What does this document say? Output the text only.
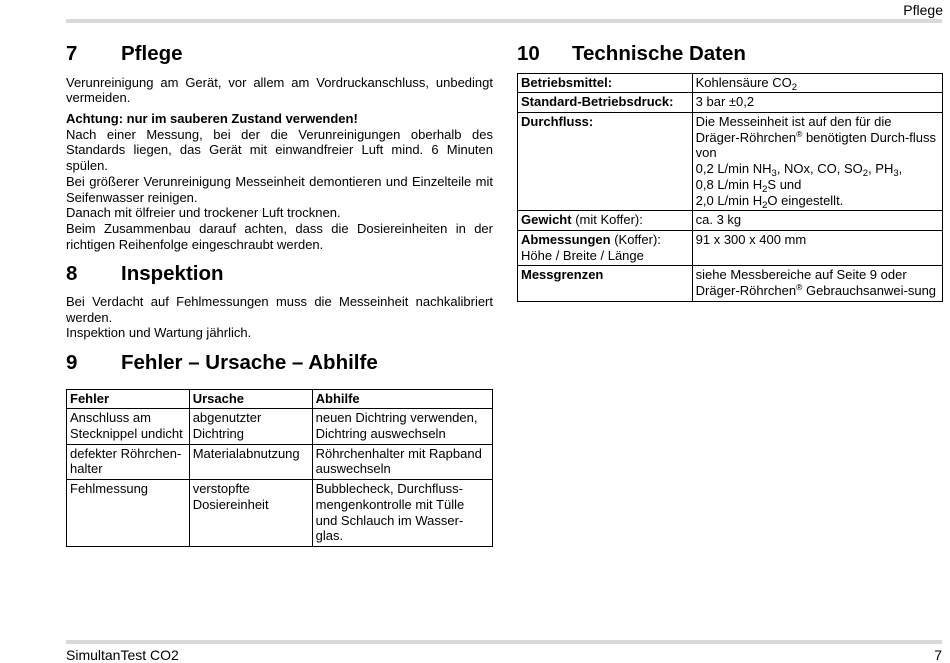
Pflege
7	Pflege

Verunreinigung am Gerät, vor allem am Vordruckanschluss, unbedingt vermeiden.

Achtung: nur im sauberen Zustand verwenden!

Nach einer Messung, bei der die Verunreinigungen oberhalb des Standards liegen, das Gerät mit einwandfreier Luft mind. 6 Minuten spülen.

Bei größerer Verunreinigung Messeinheit demontieren und Einzelteile mit Seifenwasser reinigen.

Danach mit ölfreier und trockener Luft trocknen.

Beim Zusammenbau darauf achten, dass die Dosiereinheiten in der richtigen Reihenfolge eingeschraubt werden.

8	Inspektion

Bei Verdacht auf Fehlmessungen muss die Messeinheit nachkalibriert werden.

Inspektion und Wartung jährlich.

9	Fehler – Ursache – Abhilfe
Fehler	Ursache	Abhilfe
Anschluss am Stecknippel undicht	abgenutzter Dichtring	neuen Dichtring verwenden, Dichtring auswechseln
defekter Röhrchen-halter	Materialabnutzung	Röhrchenhalter mit Rapband auswechseln
Fehlmessung	verstopfte Dosiereinheit	Bubblecheck, Durchfluss-mengenkontrolle mit Tülle und Schlauch im Wasser-glas.
10	Technische Daten
Betriebsmittel:	Kohlensäure $CO_2$
Standard-Betriebsdruck:	3 bar ±0,2
Durchfluss:	Die Messeinheit ist auf den für die Dräger-Röhrchen® benötigten Durch-fluss von
0,2 L/min $NH_3$, NOx, CO, $SO_2$, $PH_3$,
0,8 L/min $H_2S$ und
2,0 L/min $H_2O$ eingestellt.

Gewicht (mit Koffer):	ca. 3 kg
Abmessungen (Koffer):
Höhe / Breite / Länge	91 x 300 x 400 mm
Messgrenzen	siehe Messbereiche auf Seite 9 oder Dräger-Röhrchen® Gebrauchsanwei-sung
SimultanTest CO2	7
